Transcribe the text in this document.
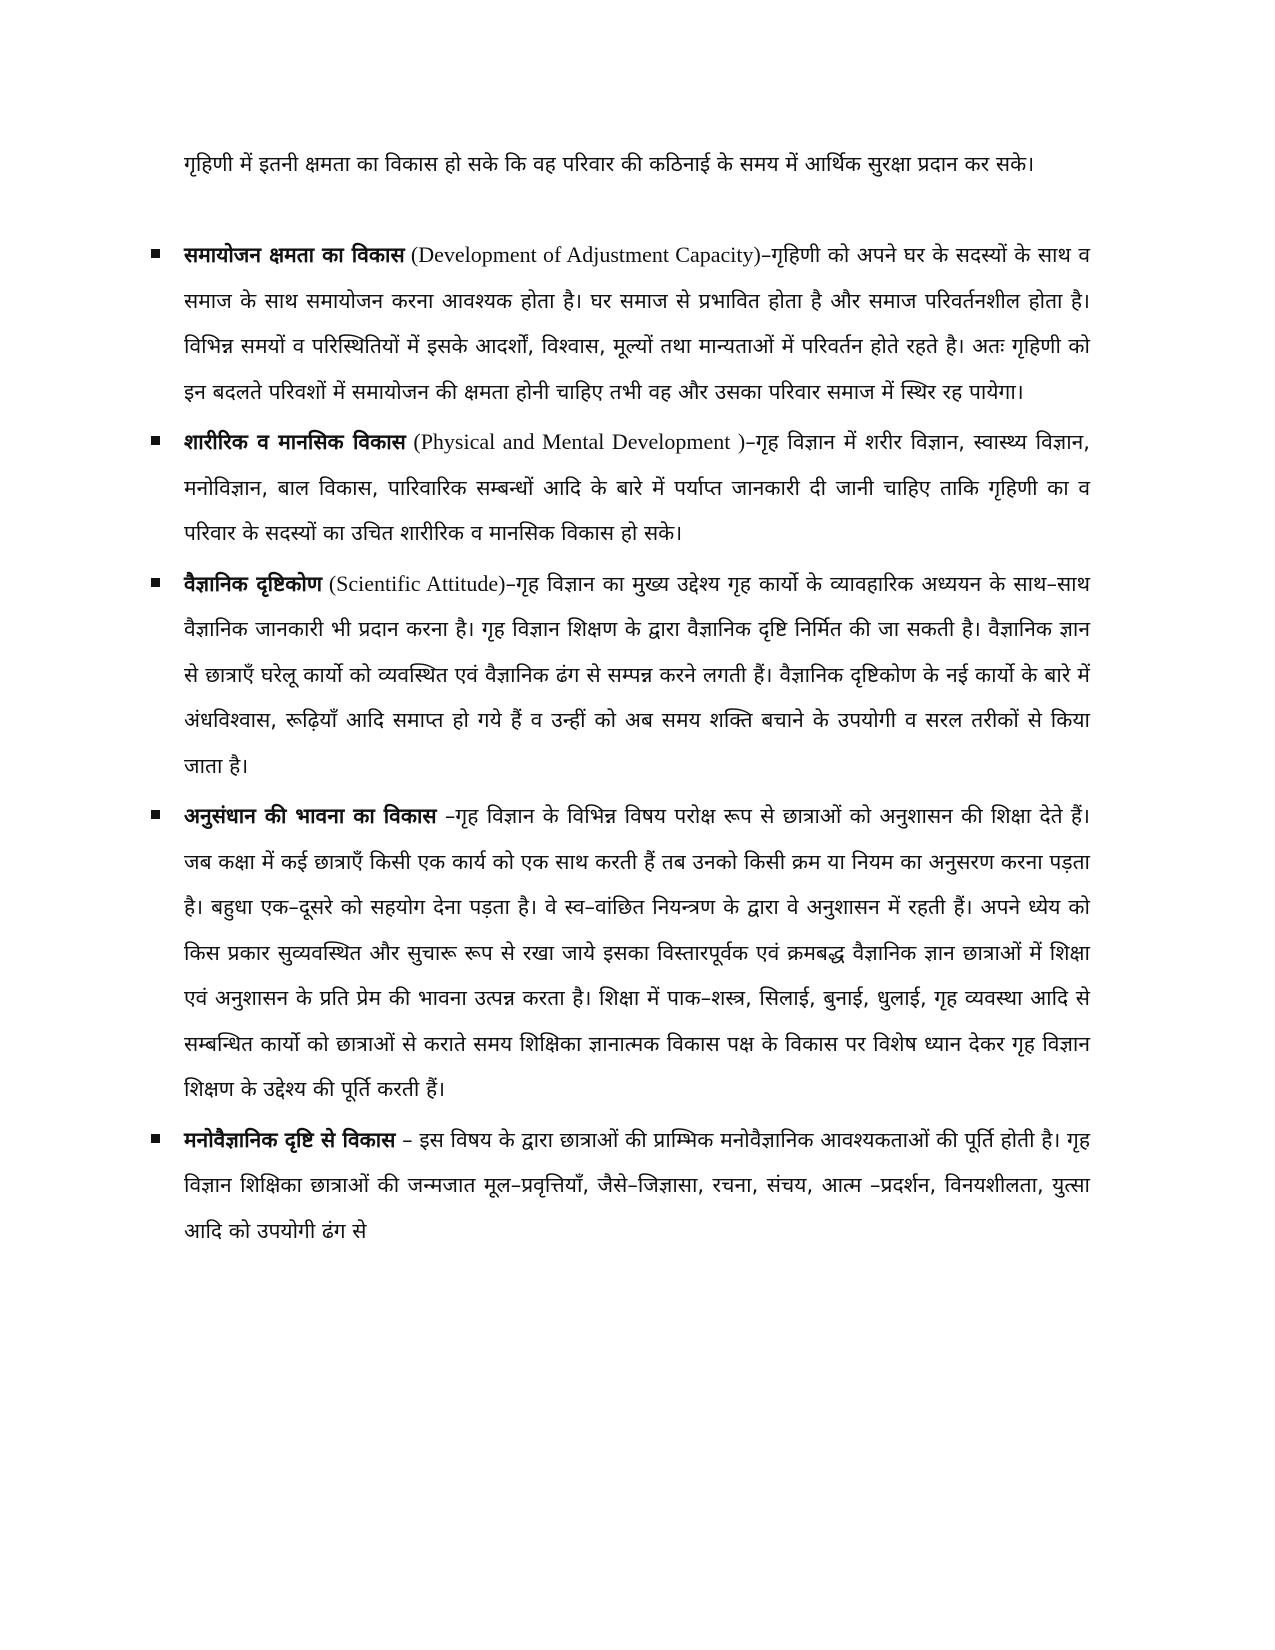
गृहिणी में इतनी क्षमता का विकास हो सके कि वह परिवार की कठिनाई के समय में आर्थिक सुरक्षा प्रदान कर सके।

समायोजन क्षमता का विकास (Development of Adjustment Capacity)–गृहिणी को अपने घर के सदस्यों के साथ व समाज के साथ समायोजन करना आवश्यक होता है। घर समाज से प्रभावित होता है और समाज परिवर्तनशील होता है। विभिन्न समयों व परिस्थितियों में इसके आदर्शों, विश्वास, मूल्यों तथा मान्यताओं में परिवर्तन होते रहते है। अतः गृहिणी को इन बदलते परिवशों में समायोजन की क्षमता होनी चाहिए तभी वह और उसका परिवार समाज में स्थिर रह पायेगा।
शारीरिक व मानसिक विकास (Physical and Mental Development )–गृह विज्ञान में शरीर विज्ञान, स्वास्थ्य विज्ञान, मनोविज्ञान, बाल विकास, पारिवारिक सम्बन्धों आदि के बारे में पर्याप्त जानकारी दी जानी चाहिए ताकि गृहिणी का व परिवार के सदस्यों का उचित शारीरिक व मानसिक विकास हो सके।
वैज्ञानिक दृष्टिकोण (Scientific Attitude)–गृह विज्ञान का मुख्य उद्देश्य गृह कार्यो के व्यावहारिक अध्ययन के साथ–साथ वैज्ञानिक जानकारी भी प्रदान करना है। गृह विज्ञान शिक्षण के द्वारा वैज्ञानिक दृष्टि निर्मित की जा सकती है। वैज्ञानिक ज्ञान से छात्राएँ घरेलू कार्यो को व्यवस्थित एवं वैज्ञानिक ढंग से सम्पन्न करने लगती हैं। वैज्ञानिक दृष्टिकोण के नई कार्यो के बारे में अंधविश्वास, रूढ़ियाँ आदि समाप्त हो गये हैं व उन्हीं को अब समय शक्ति बचाने के उपयोगी व सरल तरीकों से किया जाता है।
अनुसंधान की भावना का विकास –गृह विज्ञान के विभिन्न विषय परोक्ष रूप से छात्राओं को अनुशासन की शिक्षा देते हैं। जब कक्षा में कई छात्राएँ किसी एक कार्य को एक साथ करती हैं तब उनको किसी क्रम या नियम का अनुसरण करना पड़ता है। बहुधा एक–दूसरे को सहयोग देना पड़ता है। वे स्व–वांछित नियन्त्रण के द्वारा वे अनुशासन में रहती हैं। अपने ध्येय को किस प्रकार सुव्यवस्थित और सुचारू रूप से रखा जाये इसका विस्तारपूर्वक एवं क्रमबद्ध वैज्ञानिक ज्ञान छात्राओं में शिक्षा एवं अनुशासन के प्रति प्रेम की भावना उत्पन्न करता है। शिक्षा में पाक–शस्त्र, सिलाई, बुनाई, धुलाई, गृह व्यवस्था आदि से सम्बन्धित कार्यो को छात्राओं से कराते समय शिक्षिका ज्ञानात्मक विकास पक्ष के विकास पर विशेष ध्यान देकर गृह विज्ञान शिक्षण के उद्देश्य की पूर्ति करती हैं।
मनोवैज्ञानिक दृष्टि से विकास – इस विषय के द्वारा छात्राओं की प्राम्भिक मनोवैज्ञानिक आवश्यकताओं की पूर्ति होती है। गृह विज्ञान शिक्षिका छात्राओं की जन्मजात मूल–प्रवृत्तियाँ, जैसे–जिज्ञासा, रचना, संचय, आत्म –प्रदर्शन, विनयशीलता, युत्सा आदि को उपयोगी ढंग से
